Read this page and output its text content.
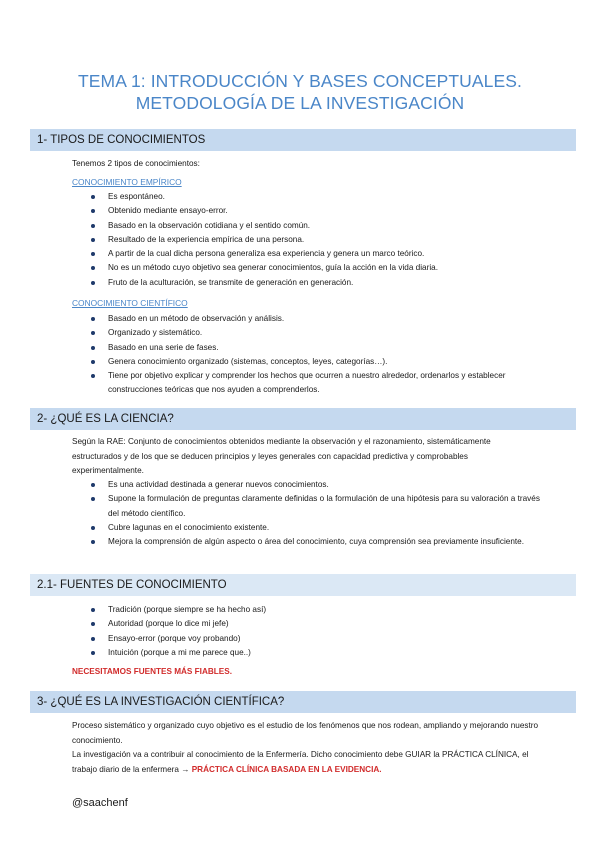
TEMA 1: INTRODUCCIÓN Y BASES CONCEPTUALES.
METODOLOGÍA DE LA INVESTIGACIÓN
1- TIPOS DE CONOCIMIENTOS
Tenemos 2 tipos de conocimientos:
CONOCIMIENTO EMPÍRICO
Es espontáneo.
Obtenido mediante ensayo-error.
Basado en la observación cotidiana y el sentido común.
Resultado de la experiencia empírica de una persona.
A partir de la cual dicha persona generaliza esa experiencia y genera un marco teórico.
No es un método cuyo objetivo sea generar conocimientos, guía la acción en la vida diaria.
Fruto de la aculturación, se transmite de generación en generación.
CONOCIMIENTO CIENTÍFICO
Basado en un método de observación y análisis.
Organizado y sistemático.
Basado en una serie de fases.
Genera conocimiento organizado (sistemas, conceptos, leyes, categorías…).
Tiene por objetivo explicar y comprender los hechos que ocurren a nuestro alrededor, ordenarlos y establecer construcciones teóricas que nos ayuden a comprenderlos.
2- ¿QUÉ ES LA CIENCIA?
Según la RAE: Conjunto de conocimientos obtenidos mediante la observación y el razonamiento, sistemáticamente estructurados y de los que se deducen principios y leyes generales con capacidad predictiva y comprobables experimentalmente.
Es una actividad destinada a generar nuevos conocimientos.
Supone la formulación de preguntas claramente definidas o la formulación de una hipótesis para su valoración a través del método científico.
Cubre lagunas en el conocimiento existente.
Mejora la comprensión de algún aspecto o área del conocimiento, cuya comprensión sea previamente insuficiente.
2.1- FUENTES DE CONOCIMIENTO
Tradición (porque siempre se ha hecho así)
Autoridad (porque lo dice mi jefe)
Ensayo-error (porque voy probando)
Intuición (porque a mi me parece que..)
NECESITAMOS FUENTES MÁS FIABLES.
3- ¿QUÉ ES LA INVESTIGACIÓN CIENTÍFICA?
Proceso sistemático y organizado cuyo objetivo es el estudio de los fenómenos que nos rodean, ampliando y mejorando nuestro conocimiento.
La investigación va a contribuir al conocimiento de la Enfermería. Dicho conocimiento debe GUIAR la PRÁCTICA CLÍNICA, el trabajo diario de la enfermera → PRÁCTICA CLÍNICA BASADA EN LA EVIDENCIA.
@saachenf
